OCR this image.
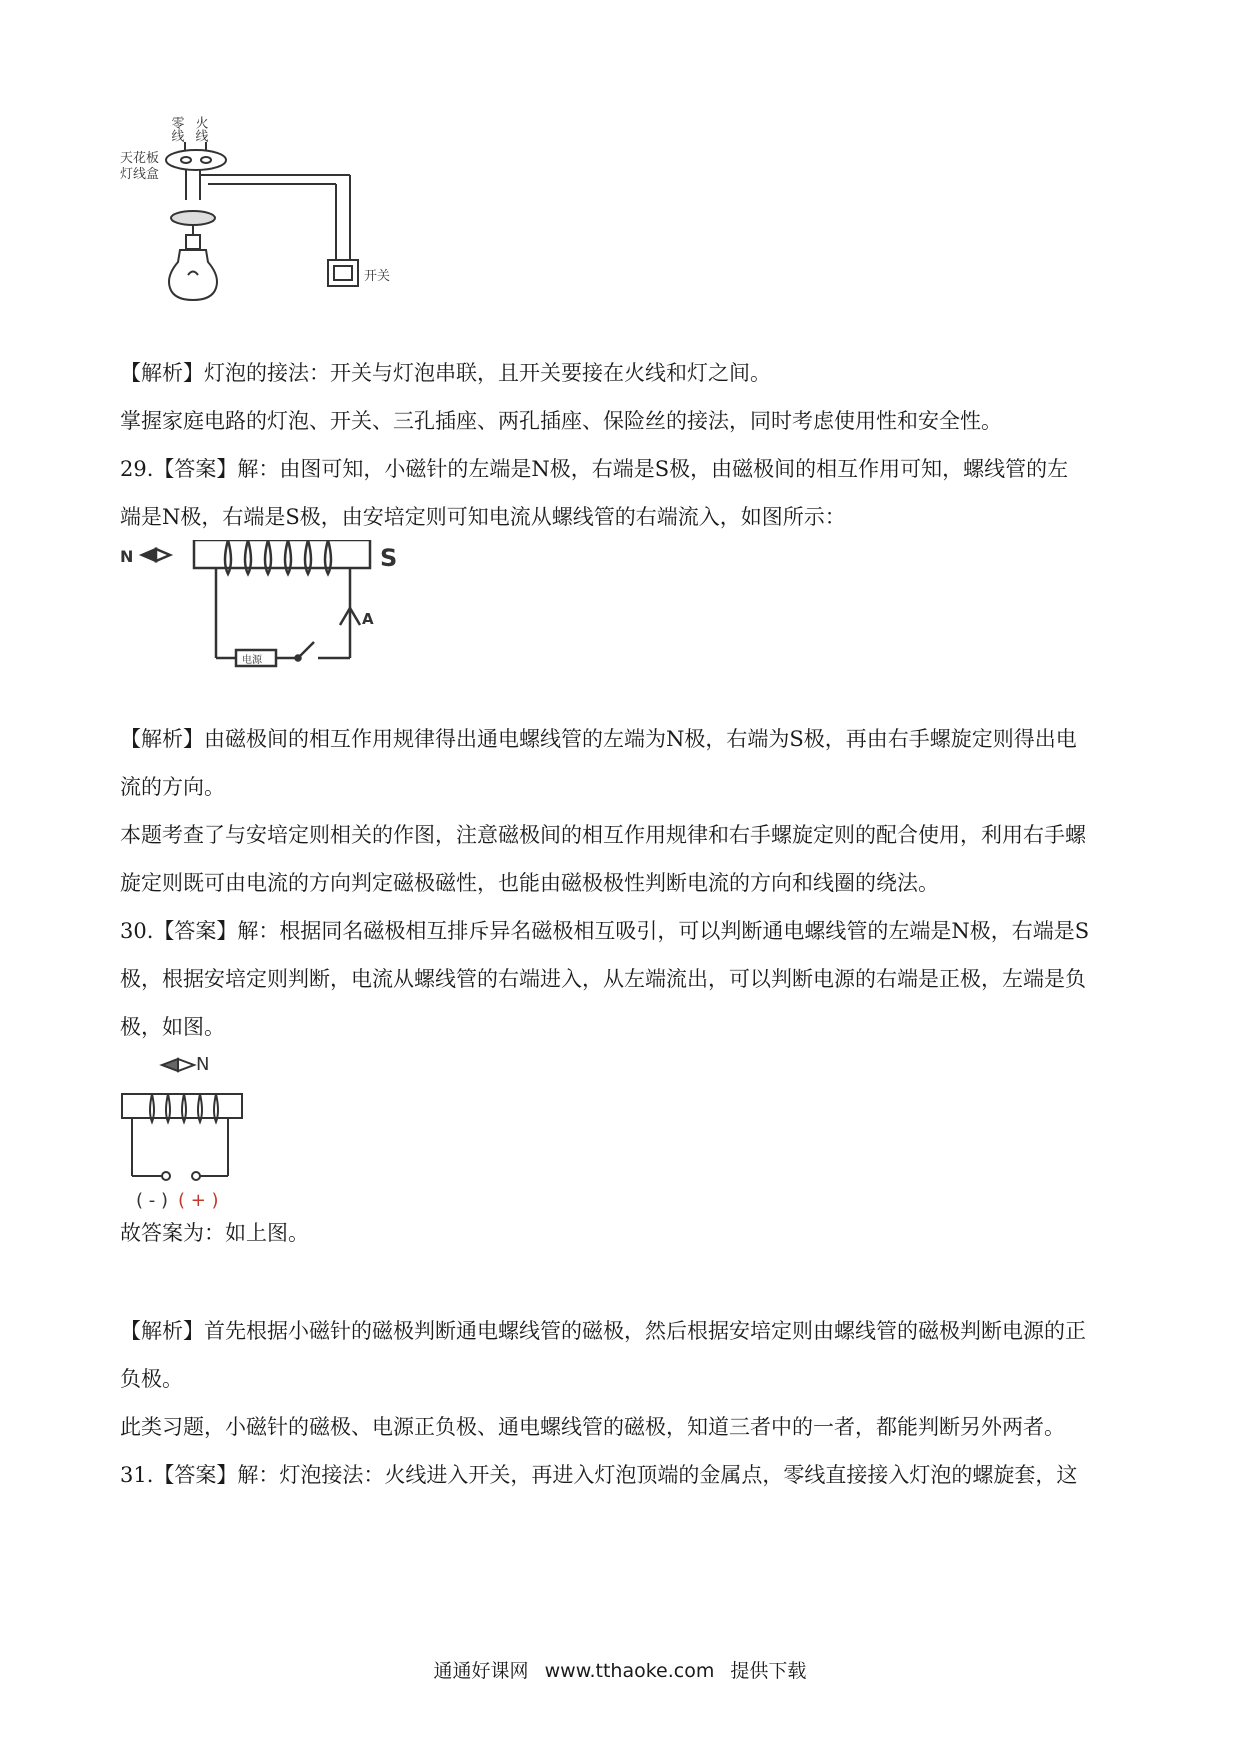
零线 火线
天花板
灯线盒
开关

【解析】灯泡的接法：开关与灯泡串联，且开关要接在火线和灯之间。

掌握家庭电路的灯泡、开关、三孔插座、两孔插座、保险丝的接法，同时考虑使用性和安全性。

29.【答案】解：由图可知，小磁针的左端是N极，右端是S极，由磁极间的相互作用可知，螺线管的左

端是N极，右端是S极，由安培定则可知电流从螺线管的右端流入，如图所示：

N	S
A
电源

【解析】由磁极间的相互作用规律得出通电螺线管的左端为N极，右端为S极，再由右手螺旋定则得出电

流的方向。

本题考查了与安培定则相关的作图，注意磁极间的相互作用规律和右手螺旋定则的配合使用，利用右手螺

旋定则既可由电流的方向判定磁极磁性，也能由磁极极性判断电流的方向和线圈的绕法。

30.【答案】解：根据同名磁极相互排斥异名磁极相互吸引，可以判断通电螺线管的左端是N极，右端是S

极，根据安培定则判断，电流从螺线管的右端进入，从左端流出，可以判断电源的右端是正极，左端是负

极，如图。

N
( - ) ( + )

故答案为：如上图。

【解析】首先根据小磁针的磁极判断通电螺线管的磁极，然后根据安培定则由螺线管的磁极判断电源的正

负极。

此类习题，小磁针的磁极、电源正负极、通电螺线管的磁极，知道三者中的一者，都能判断另外两者。

31.【答案】解：灯泡接法：火线进入开关，再进入灯泡顶端的金属点，零线直接接入灯泡的螺旋套，这

通通好课网 www.tthaoke.com 提供下载
